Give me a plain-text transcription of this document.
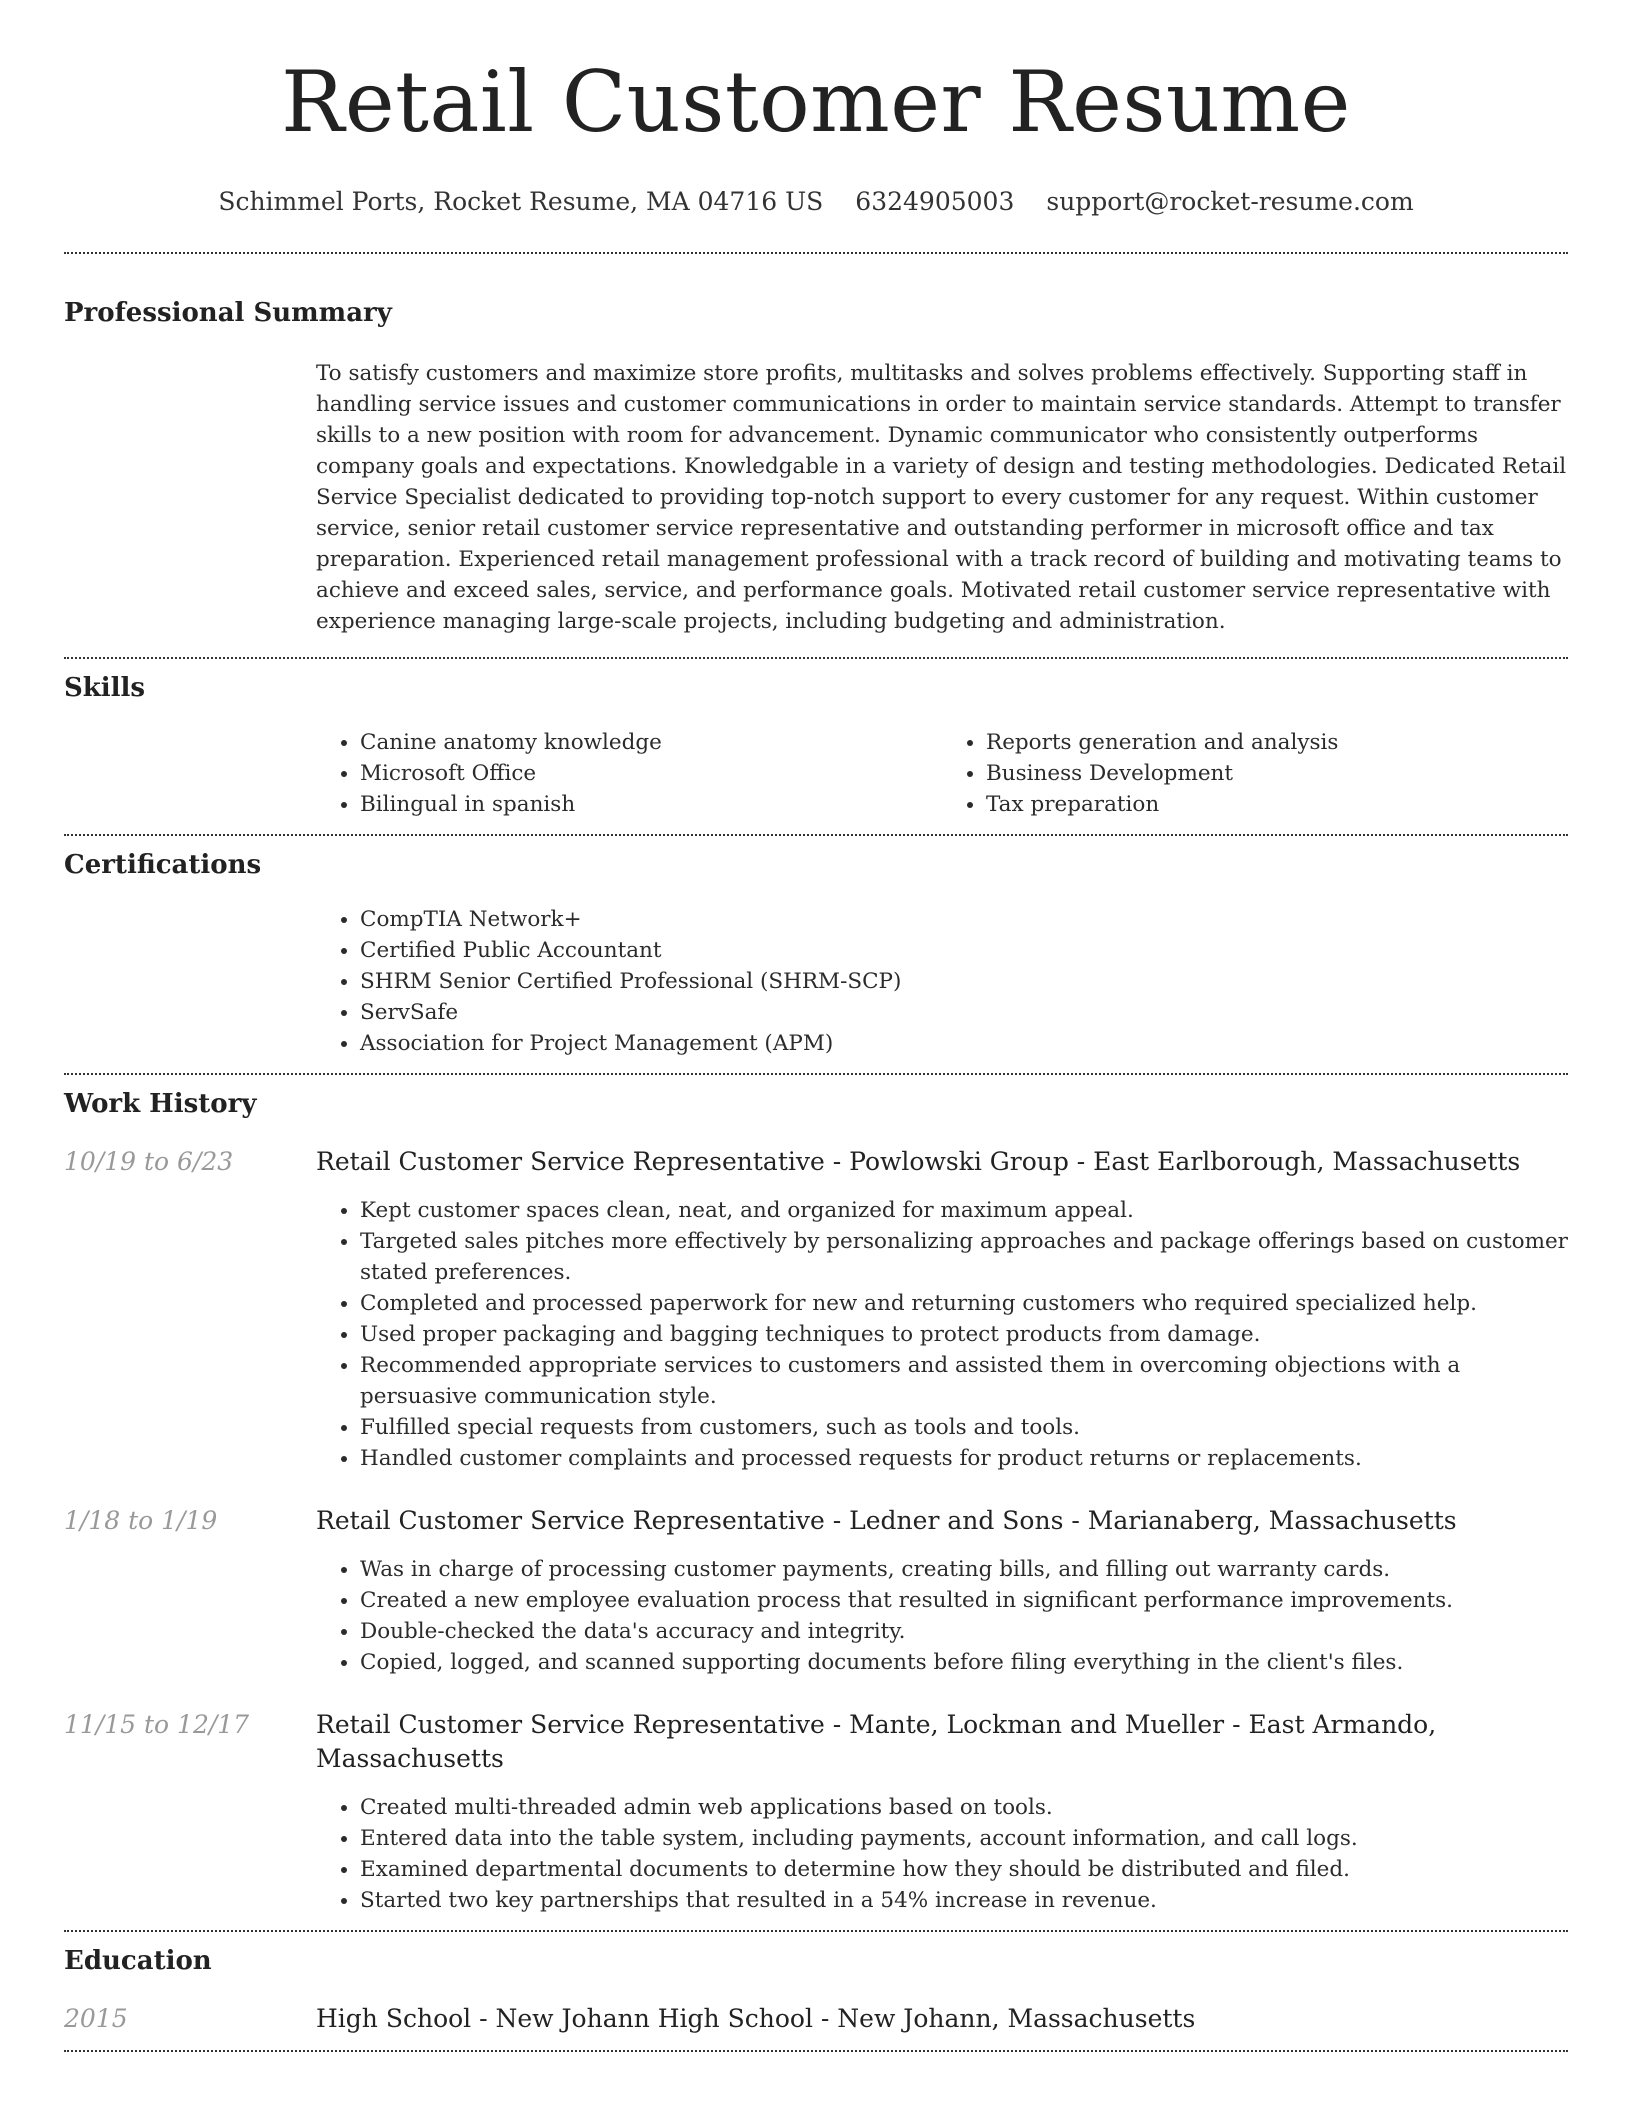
Retail Customer Resume
Schimmel Ports, Rocket Resume, MA 04716 US 6324905003 support@rocket-resume.com
Professional Summary

To satisfy customers and maximize store profits, multitasks and solves problems effectively. Supporting staff in handling service issues and customer communications in order to maintain service standards. Attempt to transfer skills to a new position with room for advancement. Dynamic communicator who consistently outperforms company goals and expectations. Knowledgable in a variety of design and testing methodologies. Dedicated Retail Service Specialist dedicated to providing top-notch support to every customer for any request. Within customer service, senior retail customer service representative and outstanding performer in microsoft office and tax preparation. Experienced retail management professional with a track record of building and motivating teams to achieve and exceed sales, service, and performance goals. Motivated retail customer service representative with experience managing large-scale projects, including budgeting and administration.

Skills
• Canine anatomy knowledge
• Microsoft Office
• Bilingual in spanish
• Reports generation and analysis
• Business Development
• Tax preparation
Certifications
• CompTIA Network+
• Certified Public Accountant
• SHRM Senior Certified Professional (SHRM-SCP)
• ServSafe
• Association for Project Management (APM)
Work History
10/19 to 6/23	Retail Customer Service Representative - Powlowski Group - East Earlborough, Massachusetts
• Kept customer spaces clean, neat, and organized for maximum appeal.
• Targeted sales pitches more effectively by personalizing approaches and package offerings based on customer stated preferences.
• Completed and processed paperwork for new and returning customers who required specialized help.
• Used proper packaging and bagging techniques to protect products from damage.
• Recommended appropriate services to customers and assisted them in overcoming objections with a persuasive communication style.
• Fulfilled special requests from customers, such as tools and tools.
• Handled customer complaints and processed requests for product returns or replacements.
1/18 to 1/19	Retail Customer Service Representative - Ledner and Sons - Marianaberg, Massachusetts
• Was in charge of processing customer payments, creating bills, and filling out warranty cards.
• Created a new employee evaluation process that resulted in significant performance improvements.
• Double-checked the data's accuracy and integrity.
• Copied, logged, and scanned supporting documents before filing everything in the client's files.
11/15 to 12/17	Retail Customer Service Representative - Mante, Lockman and Mueller - East Armando, Massachusetts
• Created multi-threaded admin web applications based on tools.
• Entered data into the table system, including payments, account information, and call logs.
• Examined departmental documents to determine how they should be distributed and filed.
• Started two key partnerships that resulted in a 54% increase in revenue.
Education
2015	High School - New Johann High School - New Johann, Massachusetts
